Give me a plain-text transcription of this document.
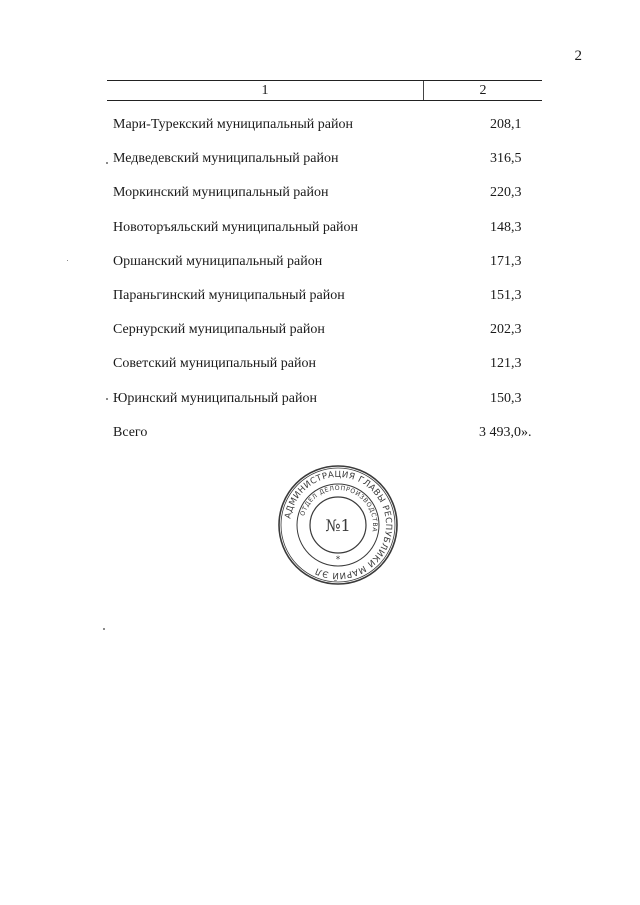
2
1	2
Мари-Турекский муниципальный район	208,1
Медведевский муниципальный район	316,5
Моркинский муниципальный район	220,3
Новоторъяльский муниципальный район	148,3
Оршанский муниципальный район	171,3
Параньгинский муниципальный район	151,3
Сернурский муниципальный район	202,3
Советский муниципальный район	121,3
Юринский муниципальный район	150,3
Всего	3 493,0».
АДМИНИСТРАЦИЯ ГЛАВЫ РЕСПУБЛИКИ МАРИЙ ЭЛ
ОТДЕЛ ДЕЛОПРОИЗВОДСТВА
№1
*
